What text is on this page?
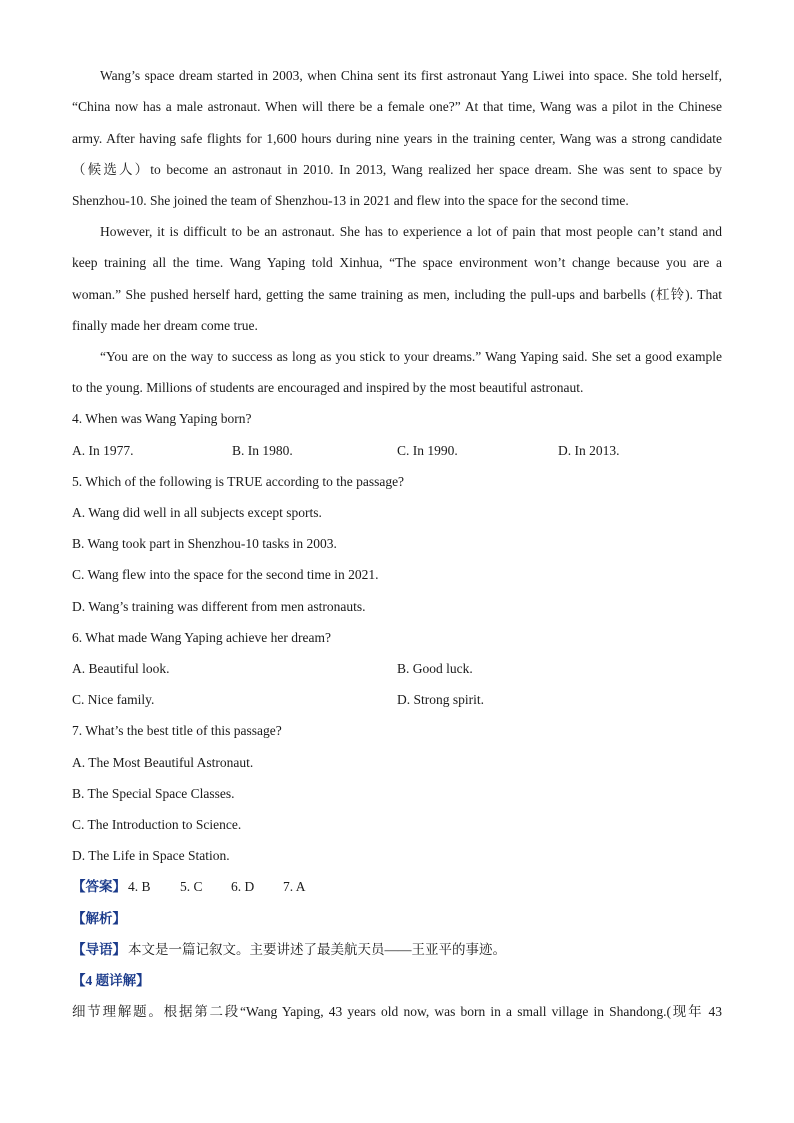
Wang’s space dream started in 2003, when China sent its first astronaut Yang Liwei into space. She told herself,
“China now has a male astronaut. When will there be a female one?” At that time, Wang was a pilot in the Chinese
army. After having safe flights for 1,600 hours during nine years in the training center, Wang was a strong candidate
（候选人）to become an astronaut in 2010. In 2013, Wang realized her space dream. She was sent to space by
Shenzhou-10. She joined the team of Shenzhou-13 in 2021 and flew into the space for the second time.
However, it is difficult to be an astronaut. She has to experience a lot of pain that most people can’t stand and
keep training all the time. Wang Yaping told Xinhua, “The space environment won’t change because you are a
woman.” She pushed herself hard, getting the same training as men, including the pull-ups and barbells (杠铃). That
finally made her dream come true.
“You are on the way to success as long as you stick to your dreams.” Wang Yaping said. She set a good example
to the young. Millions of students are encouraged and inspired by the most beautiful astronaut.
4. When was Wang Yaping born?
A. In 1977.	B. In 1980.	C. In 1990.	D. In 2013.
5. Which of the following is TRUE according to the passage?
A. Wang did well in all subjects except sports.
B. Wang took part in Shenzhou-10 tasks in 2003.
C. Wang flew into the space for the second time in 2021.
D. Wang’s training was different from men astronauts.
6. What made Wang Yaping achieve her dream?
A. Beautiful look.	B. Good luck.
C. Nice family.	D. Strong spirit.
7. What’s the best title of this passage?
A. The Most Beautiful Astronaut.
B. The Special Space Classes.
C. The Introduction to Science.
D. The Life in Space Station.
【答案】 4. B 5. C 6. D 7. A
【解析】
【导语】 本文是一篇记叙文。主要讲述了最美航天员——王亚平的事迹。
【4 题详解】
细节理解题。根据第二段“Wang Yaping, 43 years old now, was born in a small village in Shandong.(现年 43
